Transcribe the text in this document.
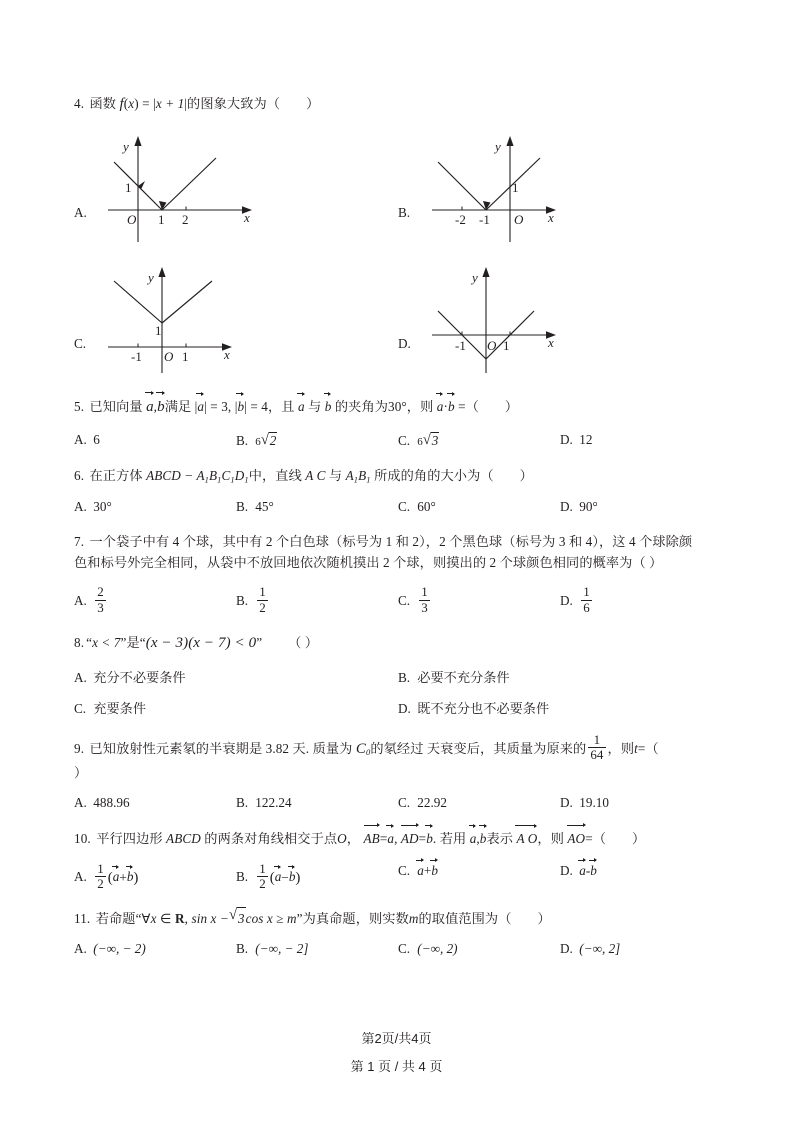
4. 函数 f(x) = |x + 1|的图象大致为（ ）
A.
y
x
O
1
1 2	B.
y
x
O
1
-2 -1
C.
y
x
O
1
-1	1
D.
y
x
O
-1	1
5. 已知向量 a,b满足 |a| = 3, |b| = 4，且 a 与 b 的夹角为30°，则 a·b =（ ）
A. 6	B. 6 √ 2	C. 6 √ 3	D. 12
6. 在正方体 ABCD − $A_1B_1C_1D_1$中，直线 A C 与 $A_1B_1$ 所成的角的大小为（ ）
A. 30°	B. 45°	C. 60°	D. 90°
7. 一个袋子中有 4 个球，其中有 2 个白色球（标号为 1 和 2），2 个黑色球（标号为 3 和 4），这 4 个球除颜
色和标号外完全相同，从袋中不放回地依次随机摸出 2 个球，则摸出的 2 个球颜色相同的概率为（ ）
A. $\frac{2}{3}$	B. $\frac{1}{2}$	C. $\frac{1}{3}$	D. $\frac{1}{6}$
8. “x < 7”是“(x − 3)(x − 7) < 0” （ ）
A. 充分不必要条件	B. 必要不充分条件
C. 充要条件	D. 既不充分也不必要条件
9. 已知放射性元素氡的半衰期是 3.82 天. 质量为 $C_0$的氡经过 天衰变后，其质量为原来的 $\frac{1}{64}$ ，则t=（
）
A. 488.96	B. 122.24	C. 22.92	D. 19.10
10. 平行四边形 ABCD 的两条对角线相交于点O， AB=a, AD=b. 若用 a,b表示 A O，则 AO=（ ）
A. $\frac{1}{2} (a+b)$	B. $\frac{1}{2} (a-b)$	C. a+b	D. a-b
11. 若命题“∀x ∈ R, sin x − √ 3cos x ≥ m”为真命题，则实数m的取值范围为（ ）
A. (−∞, − 2)	B. (−∞, − 2]	C. (−∞, 2)	D. (−∞, 2]
第2页/共4页
第 1 页 / 共 4 页
